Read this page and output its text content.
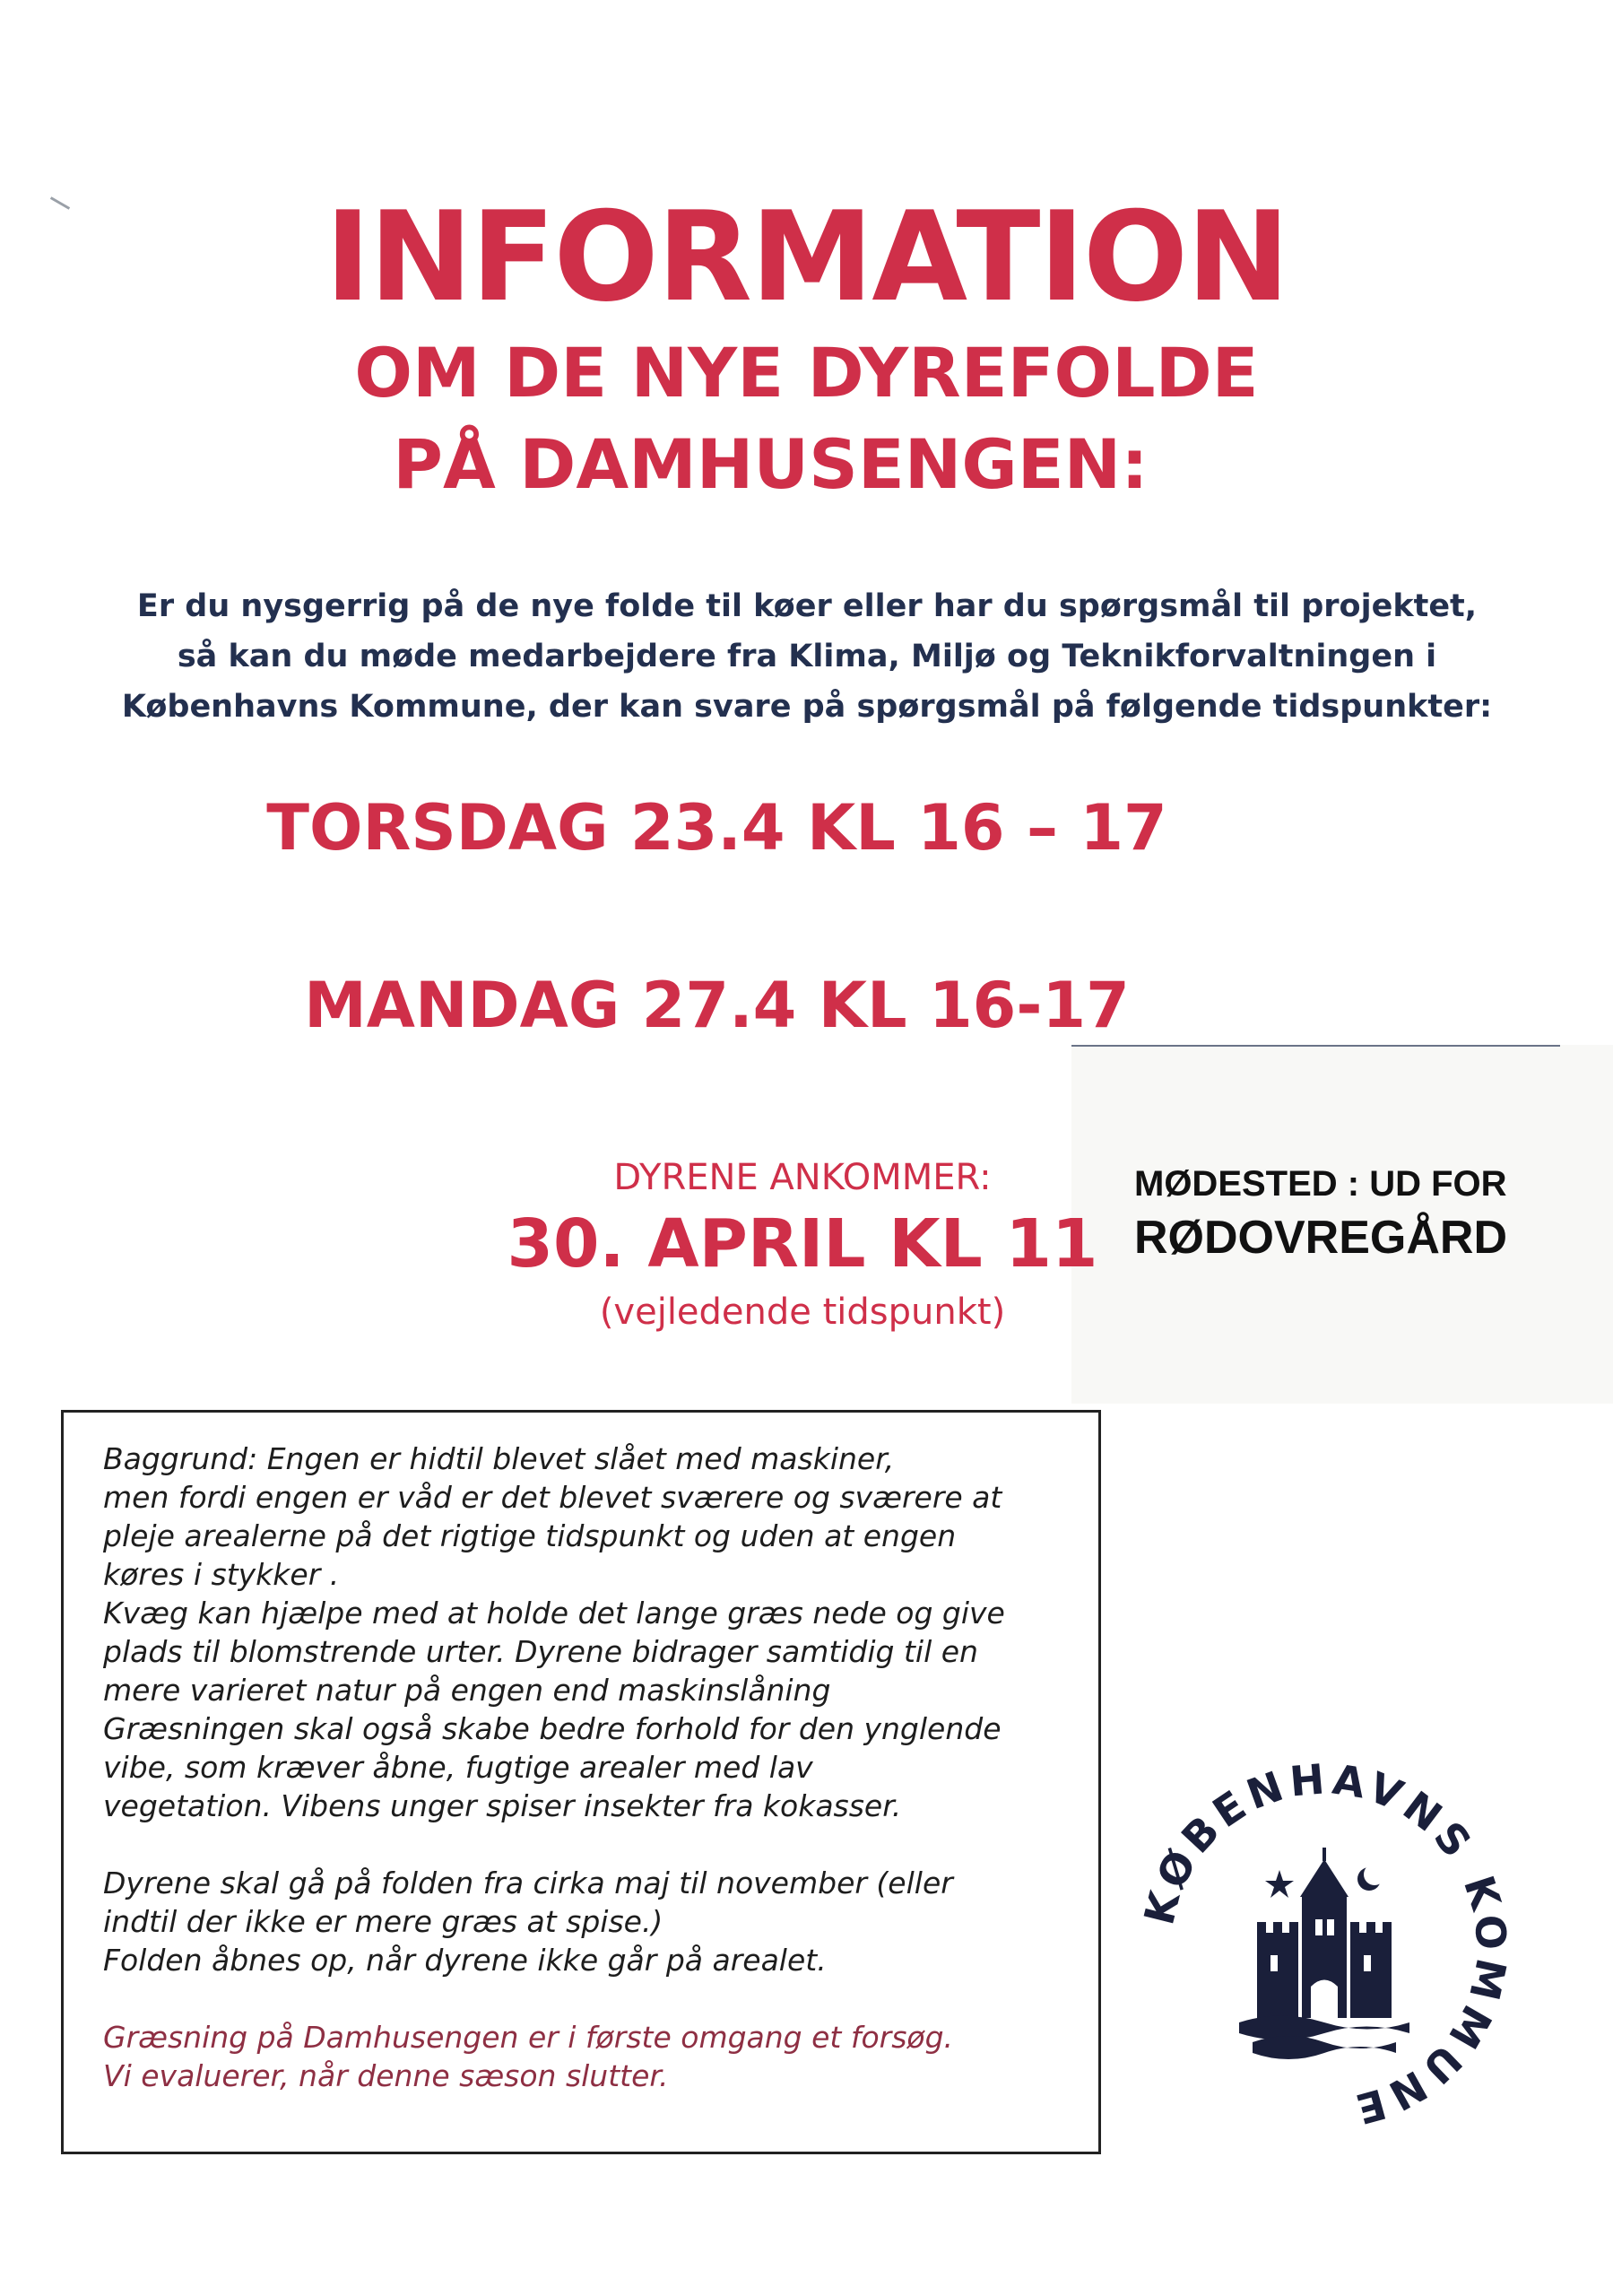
INFORMATION
OM DE NYE DYREFOLDE
PÅ DAMHUSENGEN:

Er du nysgerrig på de nye folde til køer eller har du spørgsmål til projektet,

så kan du møde medarbejdere fra Klima, Miljø og Teknikforvaltningen i

Københavns Kommune, der kan svare på spørgsmål på følgende tidspunkter:

TORSDAG 23.4 KL 16 – 17
MANDAG 27.4 KL 16-17
DYRENE ANKOMMER:
30. APRIL KL 11
(vejledende tidspunkt)
MØDESTED : UD FOR
RØDOVREGÅRD

Baggrund: Engen er hidtil blevet slået med maskiner,
men fordi engen er våd er det blevet sværere og sværere at
pleje arealerne på det rigtige tidspunkt og uden at engen
køres i stykker .
Kvæg kan hjælpe med at holde det lange græs nede og give
plads til blomstrende urter. Dyrene bidrager samtidig til en
mere varieret natur på engen end maskinslåning
Græsningen skal også skabe bedre forhold for den ynglende
vibe, som kræver åbne, fugtige arealer med lav
vegetation. Vibens unger spiser insekter fra kokasser.

Dyrene skal gå på folden fra cirka maj til november (eller
indtil der ikke er mere græs at spise.)
Folden åbnes op, når dyrene ikke går på arealet.

Græsning på Damhusengen er i første omgang et forsøg.
Vi evaluerer, når denne sæson slutter.

KØBENHAVNS KOMMUNE
